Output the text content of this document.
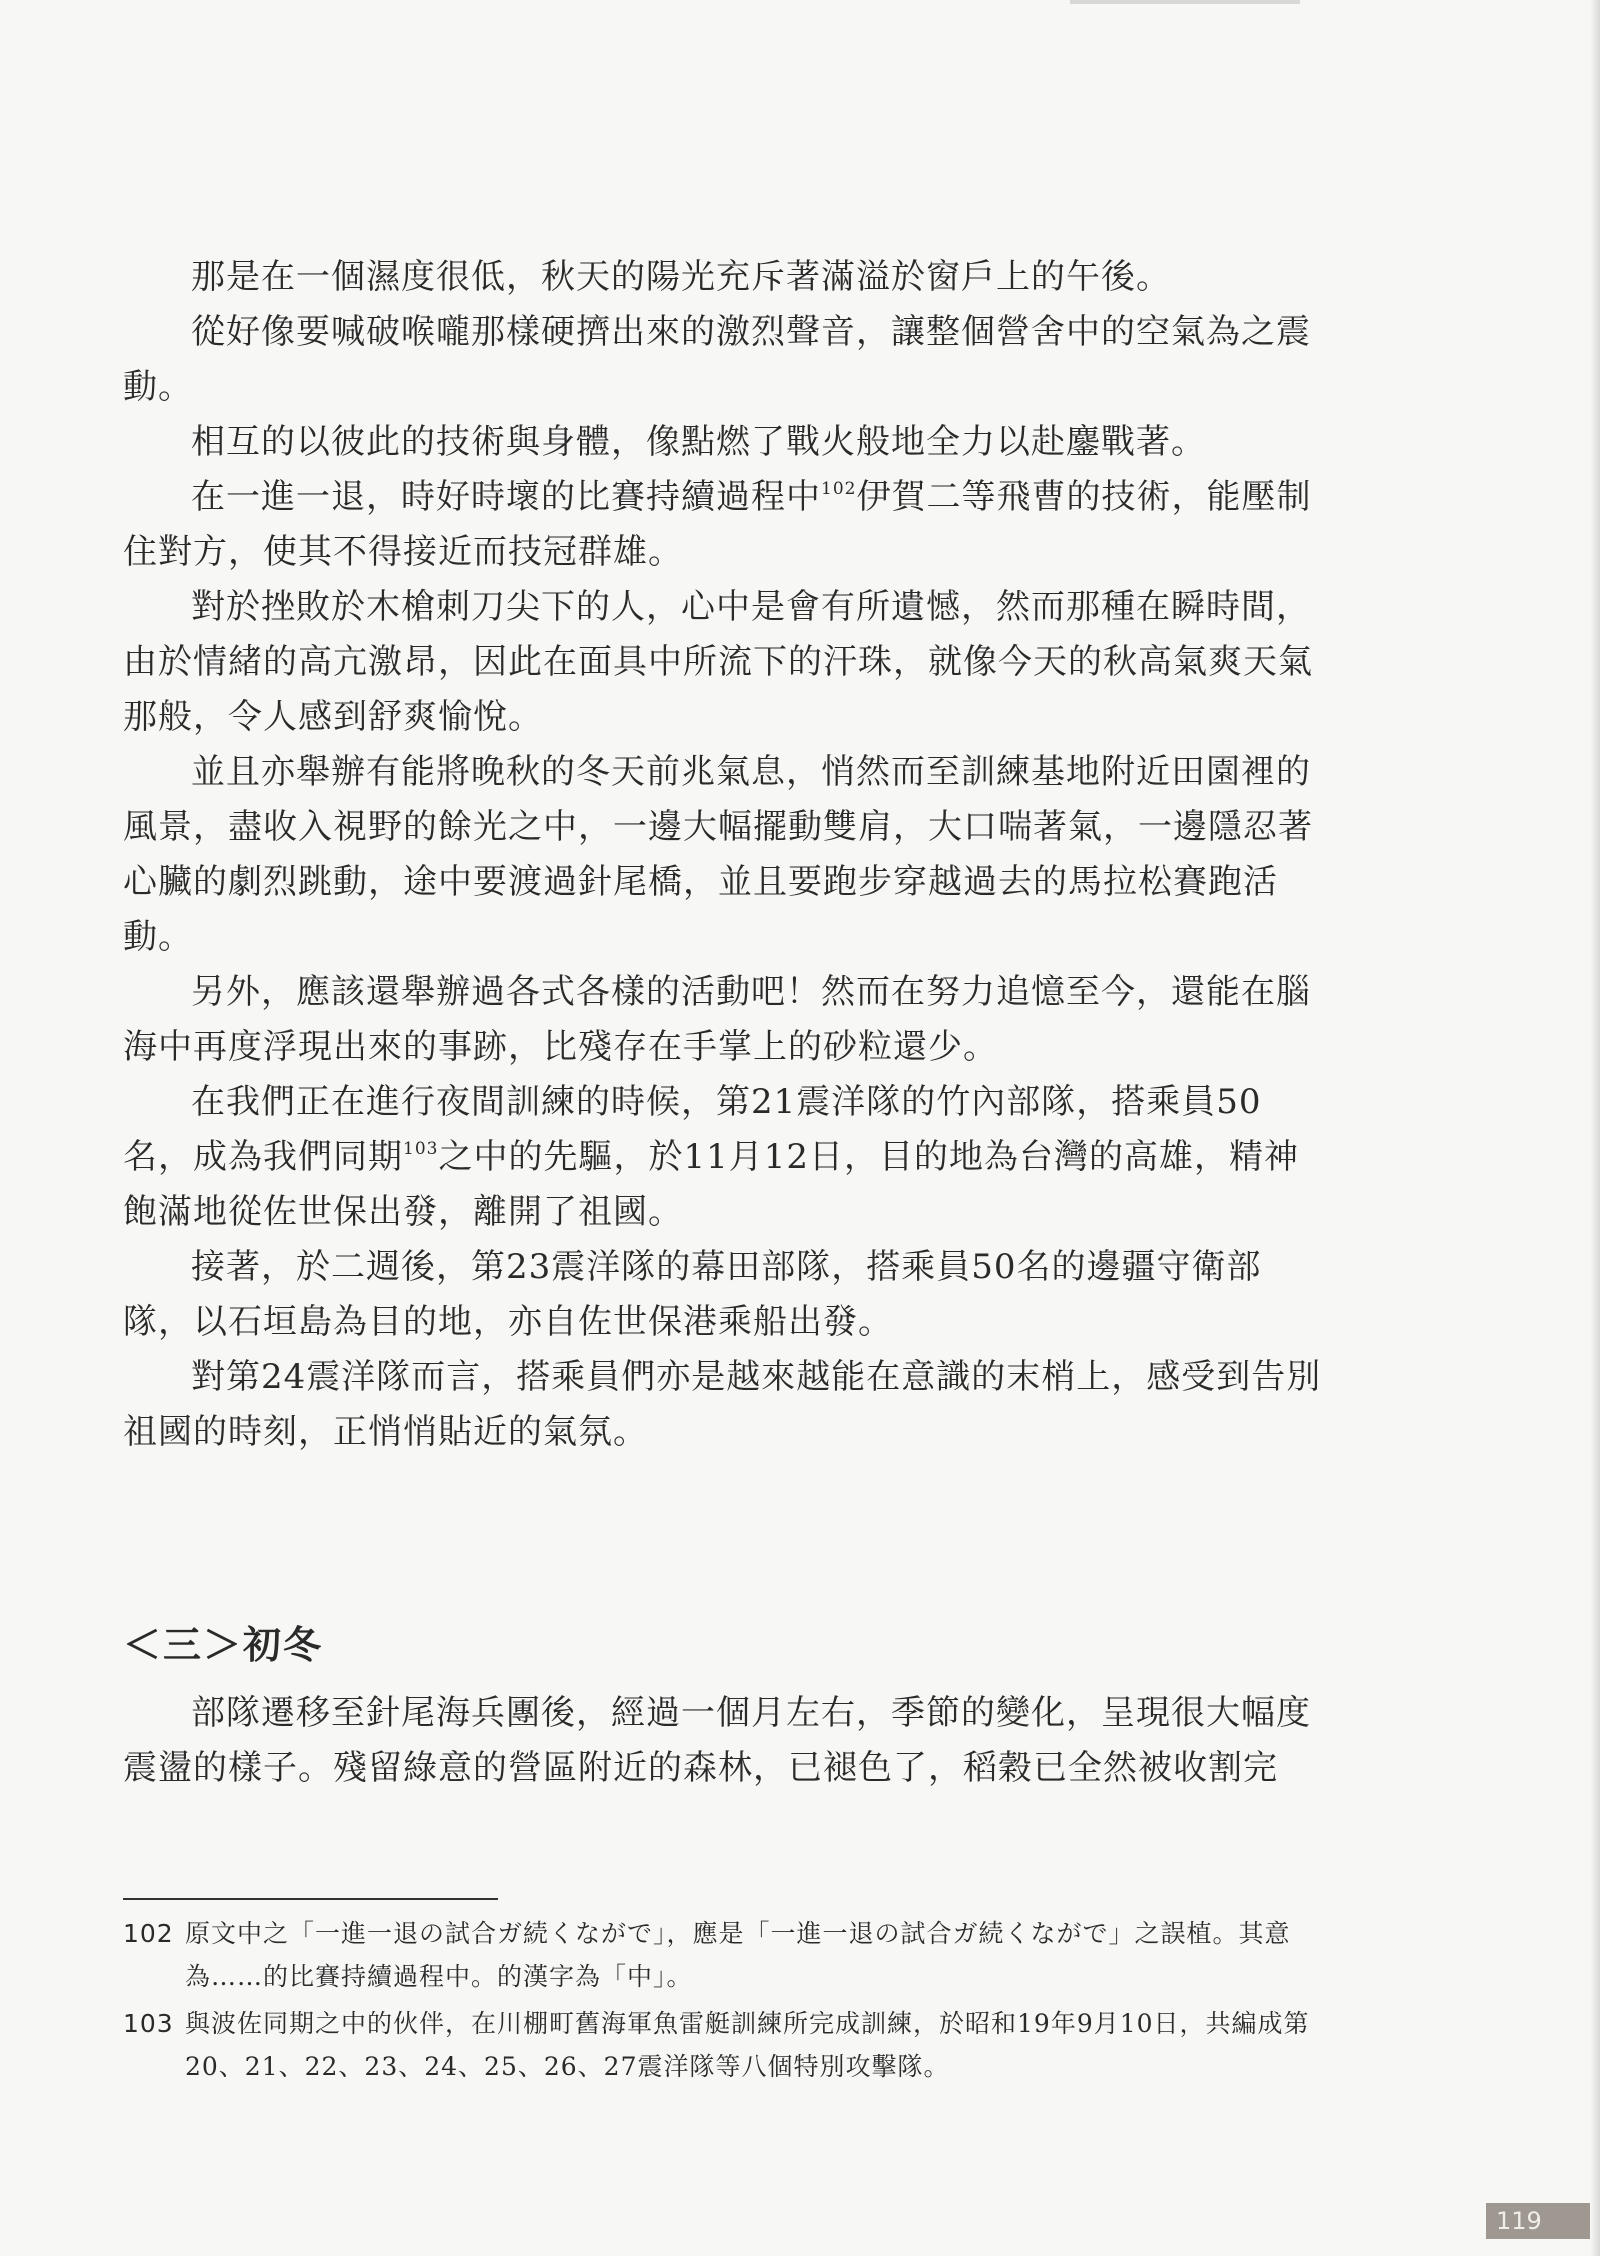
那是在一個濕度很低，秋天的陽光充斥著滿溢於窗戶上的午後。

從好像要喊破喉嚨那樣硬擠出來的激烈聲音，讓整個營舍中的空氣為之震動。

相互的以彼此的技術與身體，像點燃了戰火般地全力以赴鏖戰著。

在一進一退，時好時壞的比賽持續過程中$^{102}$伊賀二等飛曹的技術，能壓制住對方，使其不得接近而技冠群雄。

對於挫敗於木槍刺刀尖下的人，心中是會有所遺憾，然而那種在瞬時間，由於情緒的高亢激昂，因此在面具中所流下的汗珠，就像今天的秋高氣爽天氣那般，令人感到舒爽愉悅。

並且亦舉辦有能將晚秋的冬天前兆氣息，悄然而至訓練基地附近田園裡的風景，盡收入視野的餘光之中，一邊大幅擺動雙肩，大口喘著氣，一邊隱忍著心臟的劇烈跳動，途中要渡過針尾橋，並且要跑步穿越過去的馬拉松賽跑活動。

另外，應該還舉辦過各式各樣的活動吧！然而在努力追憶至今，還能在腦海中再度浮現出來的事跡，比殘存在手掌上的砂粒還少。

在我們正在進行夜間訓練的時候，第21震洋隊的竹內部隊，搭乘員50名，成為我們同期$^{103}$之中的先驅，於11月12日，目的地為台灣的高雄，精神飽滿地從佐世保出發，離開了祖國。

接著，於二週後，第23震洋隊的幕田部隊，搭乘員50名的邊疆守衛部隊，以石垣島為目的地，亦自佐世保港乘船出發。

對第24震洋隊而言，搭乘員們亦是越來越能在意識的末梢上，感受到告別祖國的時刻，正悄悄貼近的氣氛。

＜三＞初冬

部隊遷移至針尾海兵團後，經過一個月左右，季節的變化，呈現很大幅度震盪的樣子。殘留綠意的營區附近的森林，已褪色了，稻穀已全然被收割完

102 原文中之「一進一退の試合ガ続くながで」，應是「一進一退の試合ガ続くながで」之誤植。其意為……的比賽持續過程中。的漢字為「中」。
103 與波佐同期之中的伙伴，在川棚町舊海軍魚雷艇訓練所完成訓練，於昭和19年9月10日，共編成第20、21、22、23、24、25、26、27震洋隊等八個特別攻擊隊。
119
